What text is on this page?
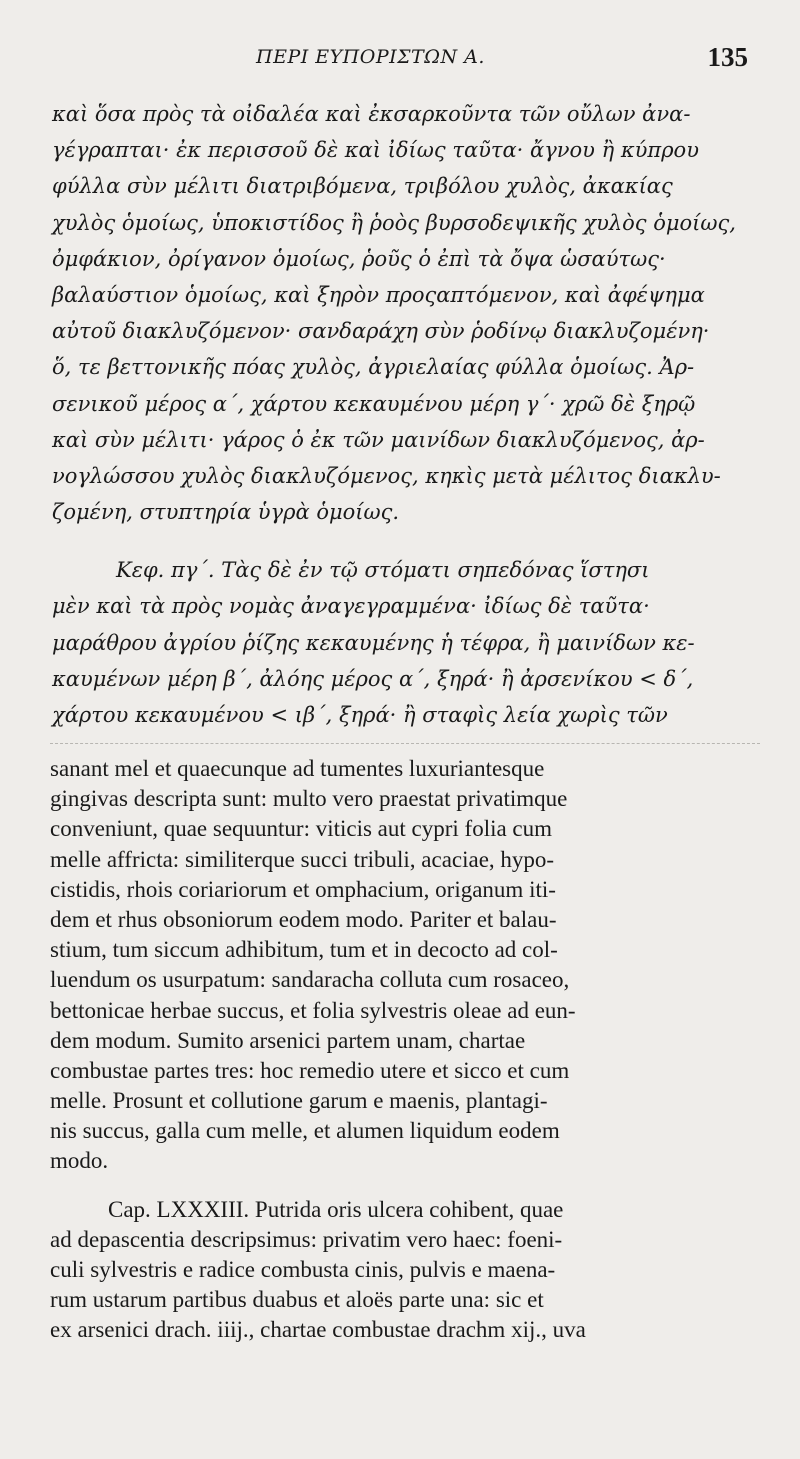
ΠΕΡΙ ΕΥΠΟΡΙΣΤΩΝ Α.	135
καὶ ὅσα πρὸς τὰ οἰδαλέα καὶ ἐκσαρκοῦντα τῶν οὔλων ἀνα-
γέγραπται· ἐκ περισσοῦ δὲ καὶ ἰδίως ταῦτα· ἄγνου ἢ κύπρου
φύλλα σὺν μέλιτι διατριβόμενα, τριβόλου χυλὸς, ἀκακίας
χυλὸς ὁμοίως, ὑποκιστίδος ἢ ῥοὸς βυρσοδεψικῆς χυλὸς ὁμοίως,
ὀμφάκιον, ὀρίγανον ὁμοίως, ῥοῦς ὁ ἐπὶ τὰ ὄψα ὡσαύτως·
βαλαύστιον ὁμοίως, καὶ ξηρὸν προςαπτόμενον, καὶ ἀφέψημα
αὐτοῦ διακλυζόμενον· σανδαράχη σὺν ῥοδίνῳ διακλυζομένη·
ὅ, τε βεττονικῆς πόας χυλὸς, ἀγριελαίας φύλλα ὁμοίως. Ἀρ-
σενικοῦ μέρος α΄, χάρτου κεκαυμένου μέρη γ΄· χρῶ δὲ ξηρῷ
καὶ σὺν μέλιτι· γάρος ὁ ἐκ τῶν μαινίδων διακλυζόμενος, ἀρ-
νογλώσσου χυλὸς διακλυζόμενος, κηκὶς μετὰ μέλιτος διακλυ-
ζομένη, στυπτηρία ὑγρὰ ὁμοίως.
Κεφ. πγ΄. Τὰς δὲ ἐν τῷ στόματι σηπεδόνας ἵστησι
μὲν καὶ τὰ πρὸς νομὰς ἀναγεγραμμένα· ἰδίως δὲ ταῦτα·
μαράθρου ἀγρίου ῥίζης κεκαυμένης ἡ τέφρα, ἢ μαινίδων κε-
καυμένων μέρη β΄, ἀλόης μέρος α΄, ξηρά· ἢ ἀρσενίκου < δ΄,
χάρτου κεκαυμένου < ιβ΄, ξηρά· ἢ σταφὶς λεία χωρὶς τῶν
sanant mel et quaecunque ad tumentes luxuriantesque
gingivas descripta sunt: multo vero praestat privatimque
conveniunt, quae sequuntur: viticis aut cypri folia cum
melle affricta: similiterque succi tribuli, acaciae, hypo-
cistidis, rhois coriariorum et omphacium, origanum iti-
dem et rhus obsoniorum eodem modo. Pariter et balau-
stium, tum siccum adhibitum, tum et in decocto ad col-
luendum os usurpatum: sandaracha colluta cum rosaceo,
bettonicae herbae succus, et folia sylvestris oleae ad eun-
dem modum. Sumito arsenici partem unam, chartae
combustae partes tres: hoc remedio utere et sicco et cum
melle. Prosunt et collutione garum e maenis, plantagi-
nis succus, galla cum melle, et alumen liquidum eodem
modo.
Cap. LXXXIII. Putrida oris ulcera cohibent, quae
ad depascentia descripsimus: privatim vero haec: foeni-
culi sylvestris e radice combusta cinis, pulvis e maena-
rum ustarum partibus duabus et aloës parte una: sic et
ex arsenici drach. iiij., chartae combustae drachm xij., uva
